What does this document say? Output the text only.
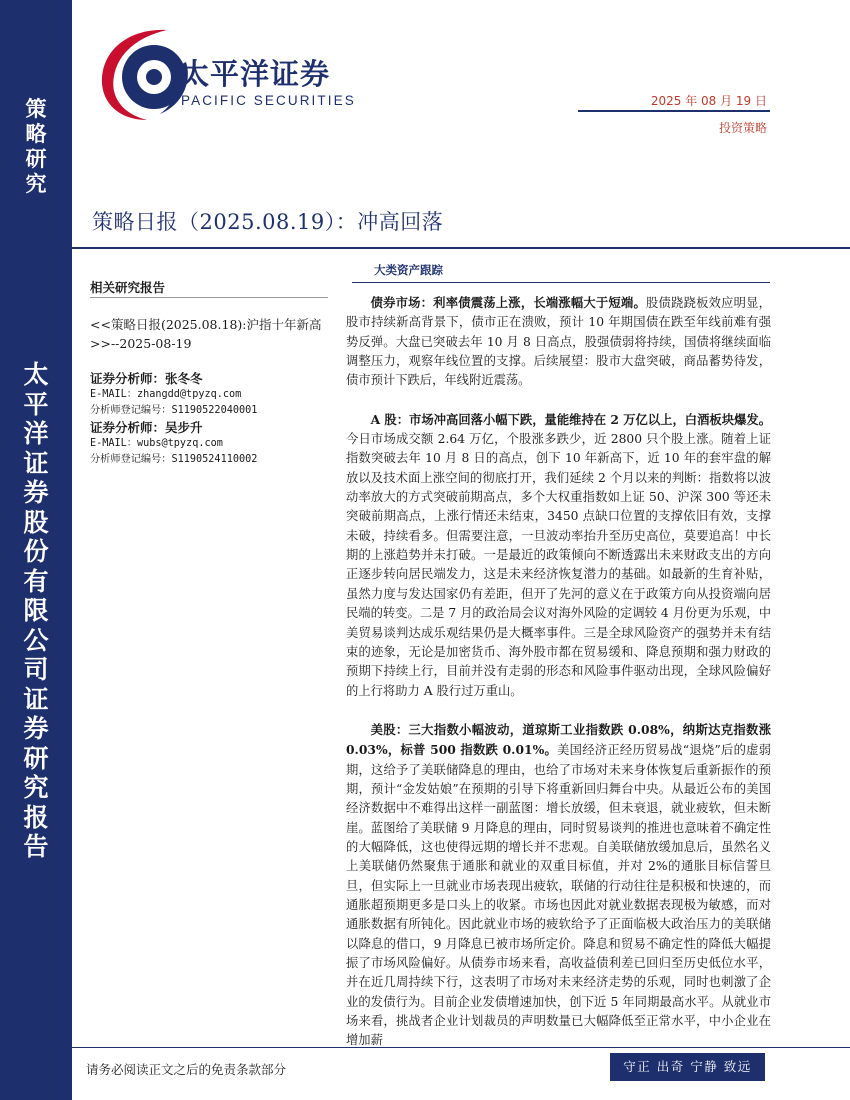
策
略
研
究
太
平
洋
证
券
股
份
有
限
公
司
证
券
研
究
报
告
太平洋证券
PACIFIC SECURITIES	2025 年 08 月 19 日
投资策略
策略日报（2025.08.19）：冲高回落
相关研究报告
<<策略日报(2025.08.18):沪指十年新高>>--2025-08-19
证券分析师：张冬冬
E-MAIL：zhangdd@tpyzq.com
分析师登记编号：S1190522040001
证券分析师：吴步升
E-MAIL：wubs@tpyzq.com
分析师登记编号：S1190524110002
大类资产跟踪

债券市场：利率债震荡上涨，长端涨幅大于短端。股债跷跷板效应明显，股市持续新高背景下，债市正在溃败，预计 10 年期国债在跌至年线前难有强势反弹。大盘已突破去年 10 月 8 日高点，股强债弱将持续，国债将继续面临调整压力，观察年线位置的支撑。后续展望：股市大盘突破，商品蓄势待发，债市预计下跌后，年线附近震荡。

A 股：市场冲高回落小幅下跌，量能维持在 2 万亿以上，白酒板块爆发。今日市场成交额 2.64 万亿，个股涨多跌少，近 2800 只个股上涨。随着上证指数突破去年 10 月 8 日的高点，创下 10 年新高下，近 10 年的套牢盘的解放以及技术面上涨空间的彻底打开，我们延续 2 个月以来的判断：指数将以波动率放大的方式突破前期高点，多个大权重指数如上证 50、沪深 300 等还未突破前期高点，上涨行情还未结束，3450 点缺口位置的支撑依旧有效，支撑未破，持续看多。但需要注意，一旦波动率抬升至历史高位，莫要追高！中长期的上涨趋势并未打破。一是最近的政策倾向不断透露出未来财政支出的方向正逐步转向居民端发力，这是未来经济恢复潜力的基础。如最新的生育补贴，虽然力度与发达国家仍有差距，但开了先河的意义在于政策方向从投资端向居民端的转变。二是 7 月的政治局会议对海外风险的定调较 4 月份更为乐观，中美贸易谈判达成乐观结果仍是大概率事件。三是全球风险资产的强势并未有结束的迹象，无论是加密货币、海外股市都在贸易缓和、降息预期和强力财政的预期下持续上行，目前并没有走弱的形态和风险事件驱动出现，全球风险偏好的上行将助力 A 股行过万重山。

美股：三大指数小幅波动，道琼斯工业指数跌 0.08%，纳斯达克指数涨 0.03%，标普 500 指数跌 0.01%。美国经济正经历贸易战“退烧”后的虚弱期，这给予了美联储降息的理由，也给了市场对未来身体恢复后重新振作的预期，预计“金发姑娘”在预期的引导下将重新回归舞台中央。从最近公布的美国经济数据中不难得出这样一副蓝图：增长放缓，但未衰退，就业疲软，但未断崖。蓝图给了美联储 9 月降息的理由，同时贸易谈判的推进也意味着不确定性的大幅降低，这也使得远期的增长并不悲观。自美联储放缓加息后，虽然名义上美联储仍然聚焦于通胀和就业的双重目标值，并对 2%的通胀目标信誓旦旦，但实际上一旦就业市场表现出疲软，联储的行动往往是积极和快速的，而通胀超预期更多是口头上的收紧。市场也因此对就业数据表现极为敏感，而对通胀数据有所钝化。因此就业市场的疲软给予了正面临极大政治压力的美联储以降息的借口，9 月降息已被市场所定价。降息和贸易不确定性的降低大幅提振了市场风险偏好。从债券市场来看，高收益债利差已回归至历史低位水平，并在近几周持续下行，这表明了市场对未来经济走势的乐观，同时也刺激了企业的发债行为。目前企业发债增速加快，创下近 5 年同期最高水平。从就业市场来看，挑战者企业计划裁员的声明数量已大幅降低至正常水平，中小企业在增加薪

请务必阅读正文之后的免责条款部分	守正 出奇 宁静 致远
